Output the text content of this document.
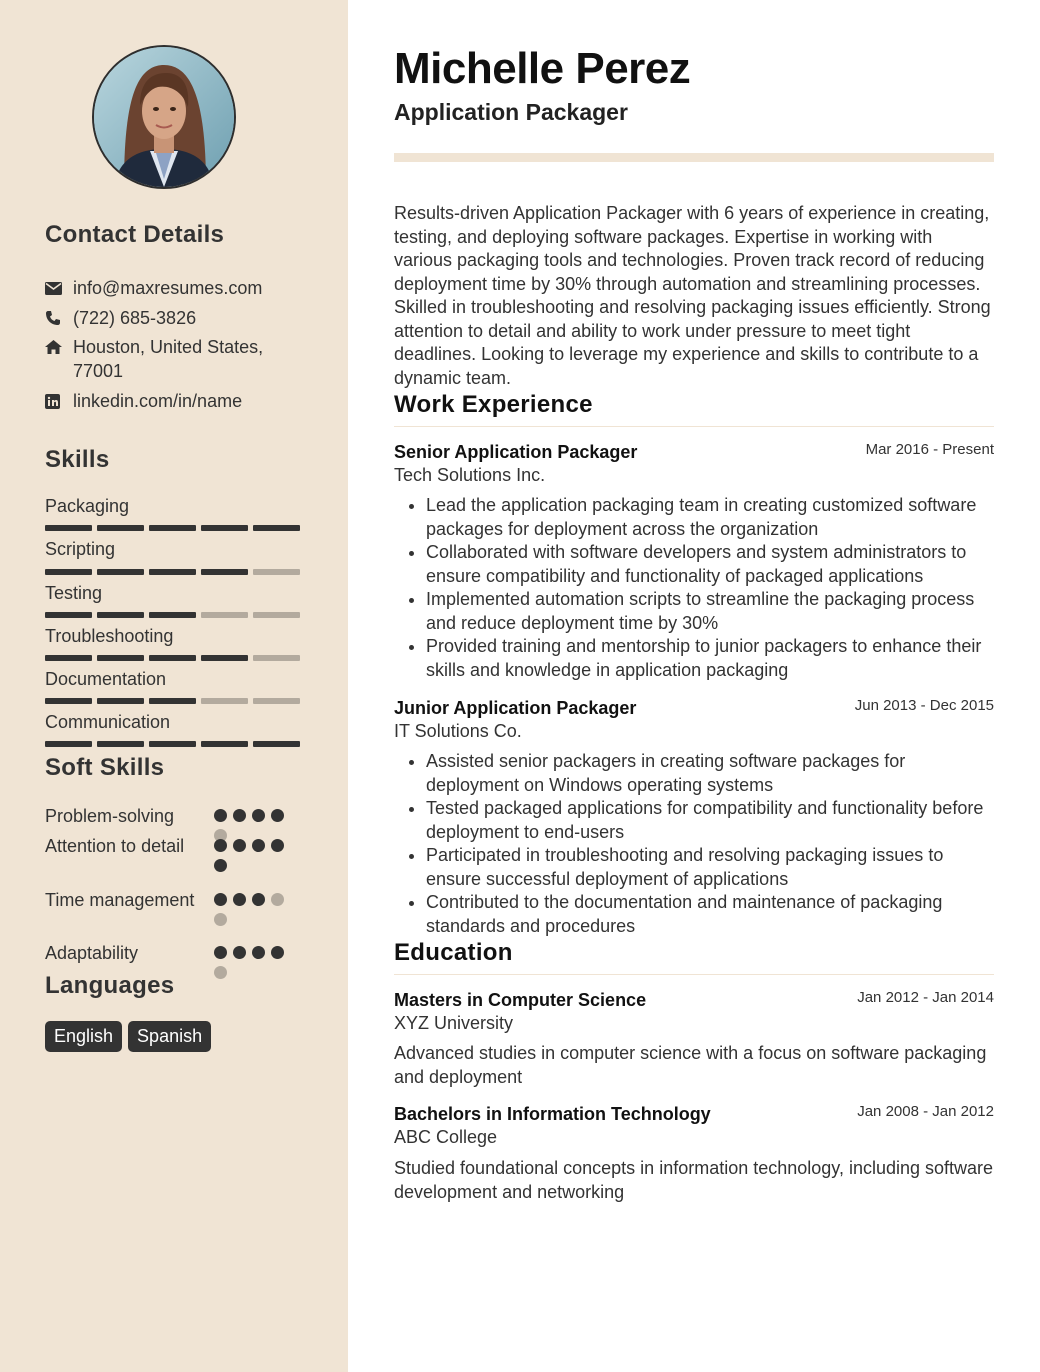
Contact Details
info@maxresumes.com
(722) 685-3826
Houston, United States, 77001
linkedin.com/in/name
Skills
Packaging
Scripting
Testing
Troubleshooting
Documentation
Communication
Soft Skills
Problem-solving
Attention to detail
Time management
Adaptability
Languages
English	Spanish
Michelle Perez
Application Packager

Results-driven Application Packager with 6 years of experience in creating, testing, and deploying software packages. Expertise in working with various packaging tools and technologies. Proven track record of reducing deployment time by 30% through automation and streamlining processes. Skilled in troubleshooting and resolving packaging issues efficiently. Strong attention to detail and ability to work under pressure to meet tight deadlines. Looking to leverage my experience and skills to contribute to a dynamic team.

Work Experience
Senior Application Packager	Mar 2016 - Present
Tech Solutions Inc.
• Lead the application packaging team in creating customized software packages for deployment across the organization
• Collaborated with software developers and system administrators to ensure compatibility and functionality of packaged applications
• Implemented automation scripts to streamline the packaging process and reduce deployment time by 30%
• Provided training and mentorship to junior packagers to enhance their skills and knowledge in application packaging
Junior Application Packager	Jun 2013 - Dec 2015
IT Solutions Co.
• Assisted senior packagers in creating software packages for deployment on Windows operating systems
• Tested packaged applications for compatibility and functionality before deployment to end-users
• Participated in troubleshooting and resolving packaging issues to ensure successful deployment of applications
• Contributed to the documentation and maintenance of packaging standards and procedures
Education
Masters in Computer Science	Jan 2012 - Jan 2014
XYZ University

Advanced studies in computer science with a focus on software packaging and deployment

Bachelors in Information Technology	Jan 2008 - Jan 2012
ABC College

Studied foundational concepts in information technology, including software development and networking
